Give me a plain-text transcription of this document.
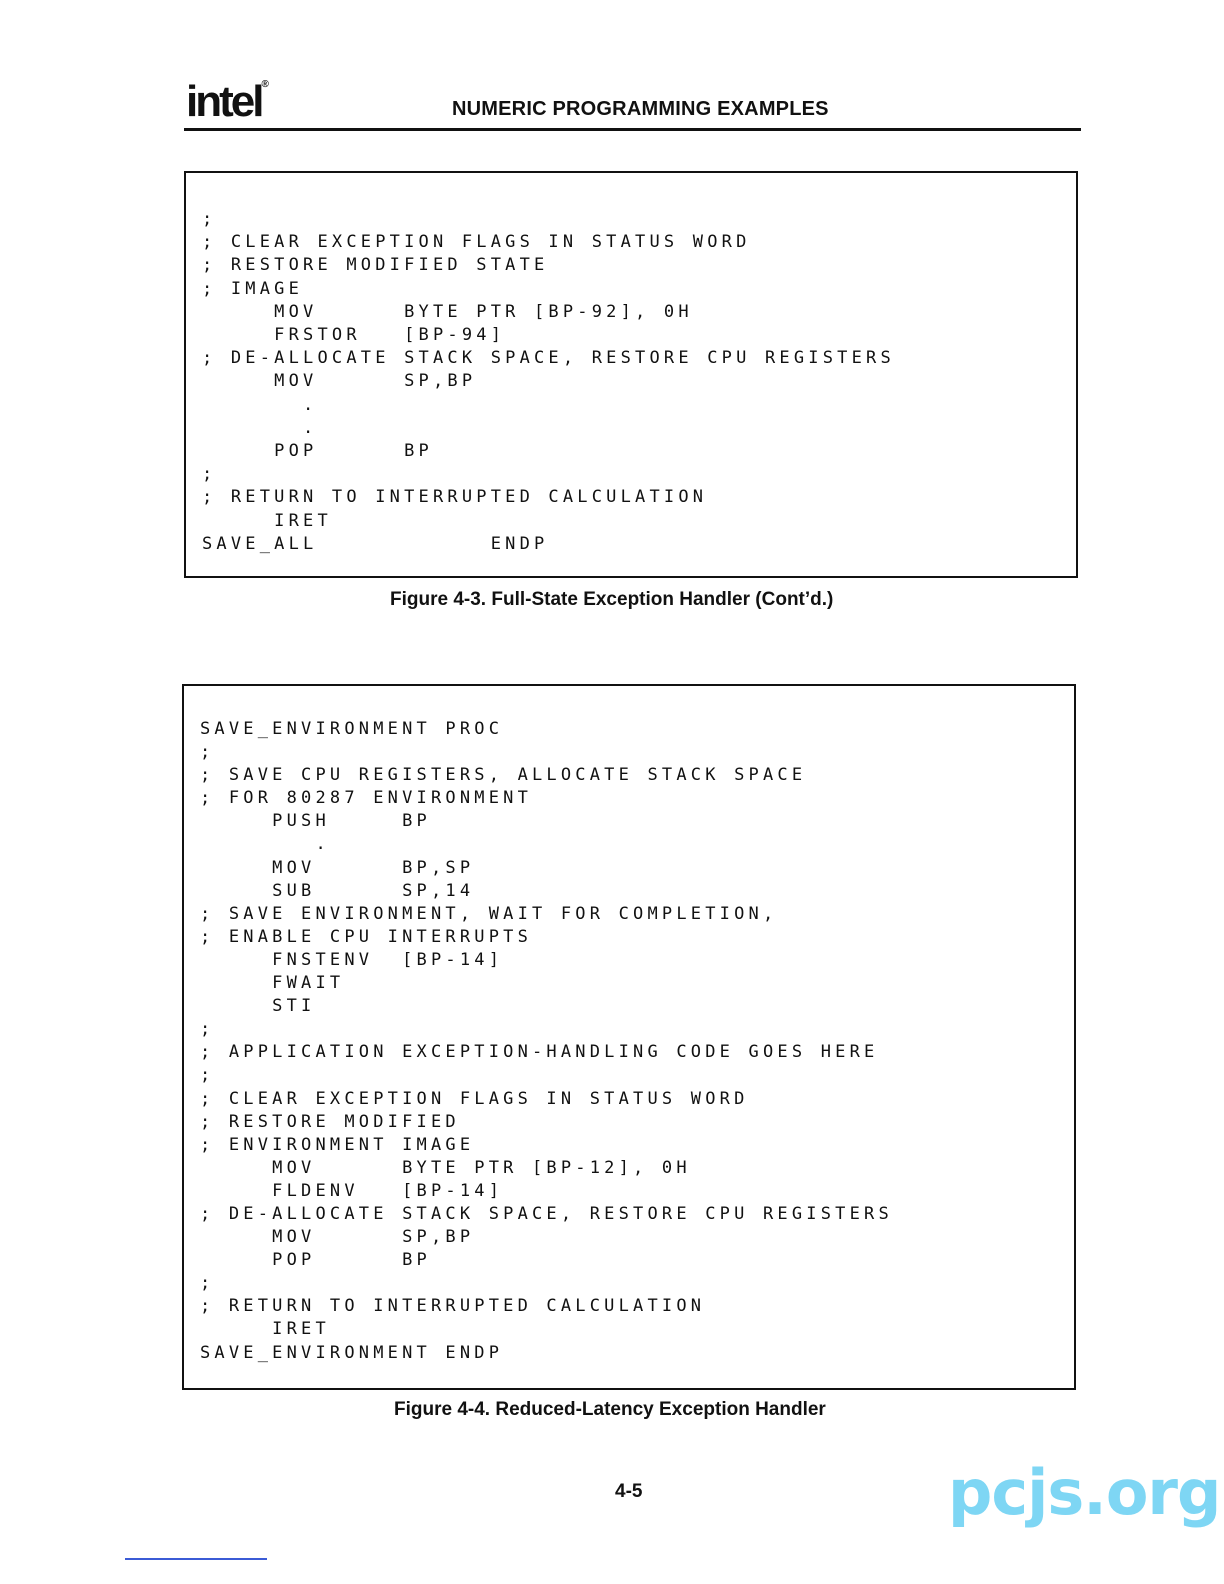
intel®
NUMERIC PROGRAMMING EXAMPLES
;
; CLEAR EXCEPTION FLAGS IN STATUS WORD
; RESTORE MODIFIED STATE
; IMAGE
MOV      BYTE PTR [BP-92], 0H
FRSTOR   [BP-94]
; DE-ALLOCATE STACK SPACE, RESTORE CPU REGISTERS
MOV      SP,BP
.
.
POP      BP
;
; RETURN TO INTERRUPTED CALCULATION
IRET
SAVE_ALL            ENDP
Figure 4-3. Full-State Exception Handler (Cont’d.)
SAVE_ENVIRONMENT PROC
;
; SAVE CPU REGISTERS, ALLOCATE STACK SPACE
; FOR 80287 ENVIRONMENT
PUSH     BP
.
MOV      BP,SP
SUB      SP,14
; SAVE ENVIRONMENT, WAIT FOR COMPLETION,
; ENABLE CPU INTERRUPTS
FNSTENV  [BP-14]
FWAIT
STI
;
; APPLICATION EXCEPTION-HANDLING CODE GOES HERE
;
; CLEAR EXCEPTION FLAGS IN STATUS WORD
; RESTORE MODIFIED
; ENVIRONMENT IMAGE
MOV      BYTE PTR [BP-12], 0H
FLDENV   [BP-14]
; DE-ALLOCATE STACK SPACE, RESTORE CPU REGISTERS
MOV      SP,BP
POP      BP
;
; RETURN TO INTERRUPTED CALCULATION
IRET
SAVE_ENVIRONMENT ENDP
Figure 4-4. Reduced-Latency Exception Handler
4-5	pcjs.org
